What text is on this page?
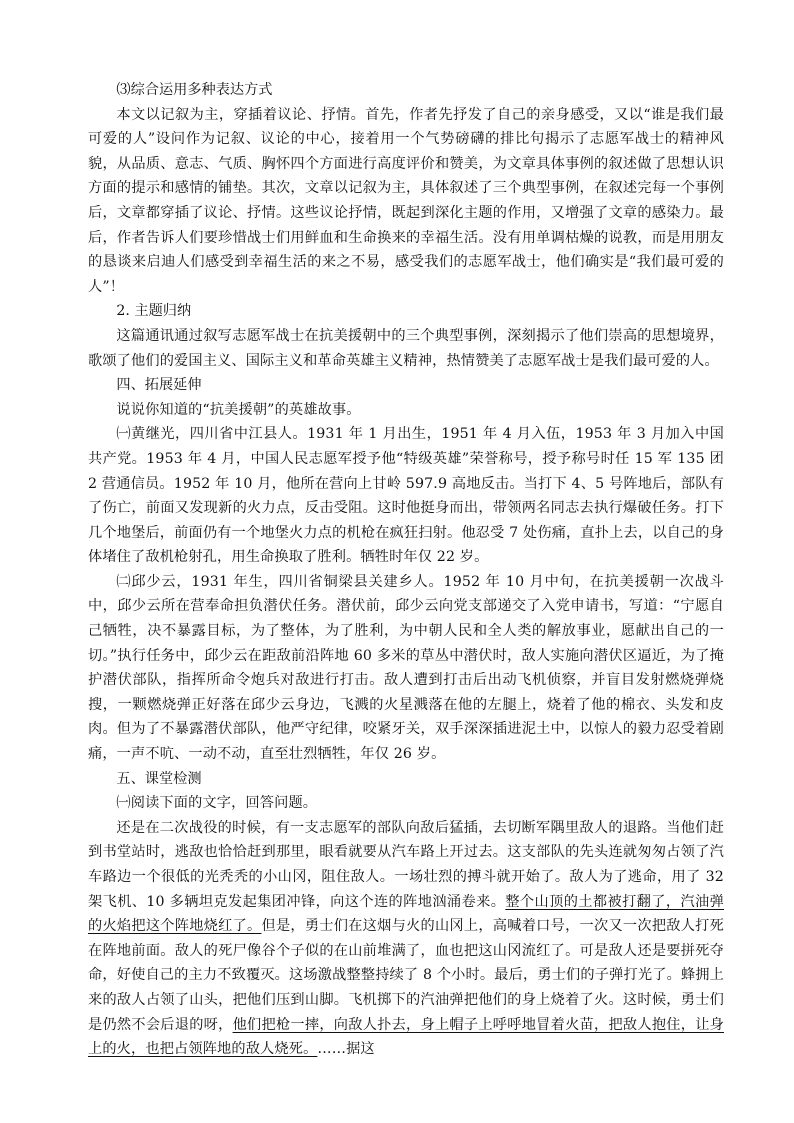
⑶综合运用多种表达方式

本文以记叙为主，穿插着议论、抒情。首先，作者先抒发了自己的亲身感受，又以“谁是我们最可爱的人”设问作为记叙、议论的中心，接着用一个气势磅礴的排比句揭示了志愿军战士的精神风貌，从品质、意志、气质、胸怀四个方面进行高度评价和赞美，为文章具体事例的叙述做了思想认识方面的提示和感情的铺垫。其次，文章以记叙为主，具体叙述了三个典型事例，在叙述完每一个事例后，文章都穿插了议论、抒情。这些议论抒情，既起到深化主题的作用，又增强了文章的感染力。最后，作者告诉人们要珍惜战士们用鲜血和生命换来的幸福生活。没有用单调枯燥的说教，而是用朋友的恳谈来启迪人们感受到幸福生活的来之不易，感受我们的志愿军战士，他们确实是“我们最可爱的人”！

2. 主题归纳

这篇通讯通过叙写志愿军战士在抗美援朝中的三个典型事例，深刻揭示了他们崇高的思想境界，歌颂了他们的爱国主义、国际主义和革命英雄主义精神，热情赞美了志愿军战士是我们最可爱的人。

四、拓展延伸

说说你知道的“抗美援朝”的英雄故事。

㈠黄继光，四川省中江县人。1931 年 1 月出生，1951 年 4 月入伍，1953 年 3 月加入中国共产党。1953 年 4 月，中国人民志愿军授予他“特级英雄”荣誉称号，授予称号时任 15 军 135 团 2 营通信员。1952 年 10 月，他所在营向上甘岭 597.9 高地反击。当打下 4、5 号阵地后，部队有了伤亡，前面又发现新的火力点，反击受阻。这时他挺身而出，带领两名同志去执行爆破任务。打下几个地堡后，前面仍有一个地堡火力点的机枪在疯狂扫射。他忍受 7 处伤痛，直扑上去，以自己的身体堵住了敌机枪射孔，用生命换取了胜利。牺牲时年仅 22 岁。

㈡邱少云，1931 年生，四川省铜梁县关建乡人。1952 年 10 月中旬，在抗美援朝一次战斗中，邱少云所在营奉命担负潜伏任务。潜伏前，邱少云向党支部递交了入党申请书，写道：“宁愿自己牺牲，决不暴露目标，为了整体，为了胜利，为中朝人民和全人类的解放事业，愿献出自己的一切。”执行任务中，邱少云在距敌前沿阵地 60 多米的草丛中潜伏时，敌人实施向潜伏区逼近，为了掩护潜伏部队，指挥所命令炮兵对敌进行打击。敌人遭到打击后出动飞机侦察，并盲目发射燃烧弹烧搜，一颗燃烧弹正好落在邱少云身边，飞溅的火星溅落在他的左腿上，烧着了他的棉衣、头发和皮肉。但为了不暴露潜伏部队，他严守纪律，咬紧牙关，双手深深插进泥土中，以惊人的毅力忍受着剧痛，一声不吭、一动不动，直至壮烈牺牲，年仅 26 岁。

五、课堂检测

㈠阅读下面的文字，回答问题。

还是在二次战役的时候，有一支志愿军的部队向敌后猛插，去切断军隅里敌人的退路。当他们赶到书堂站时，逃敌也恰恰赶到那里，眼看就要从汽车路上开过去。这支部队的先头连就匆匆占领了汽车路边一个很低的光秃秃的小山冈，阻住敌人。一场壮烈的搏斗就开始了。敌人为了逃命，用了 32 架飞机、10 多辆坦克发起集团冲锋，向这个连的阵地汹涌卷来。整个山顶的土都被打翻了，汽油弹的火焰把这个阵地烧红了。但是，勇士们在这烟与火的山冈上，高喊着口号，一次又一次把敌人打死在阵地前面。敌人的死尸像谷个子似的在山前堆满了，血也把这山冈流红了。可是敌人还是要拼死夺命，好使自己的主力不致覆灭。这场激战整整持续了 8 个小时。最后，勇士们的子弹打光了。蜂拥上来的敌人占领了山头，把他们压到山脚。飞机掷下的汽油弹把他们的身上烧着了火。这时候，勇士们是仍然不会后退的呀，他们把枪一摔，向敌人扑去，身上帽子上呼呼地冒着火苗，把敌人抱住，让身上的火，也把占领阵地的敌人烧死。……据这
